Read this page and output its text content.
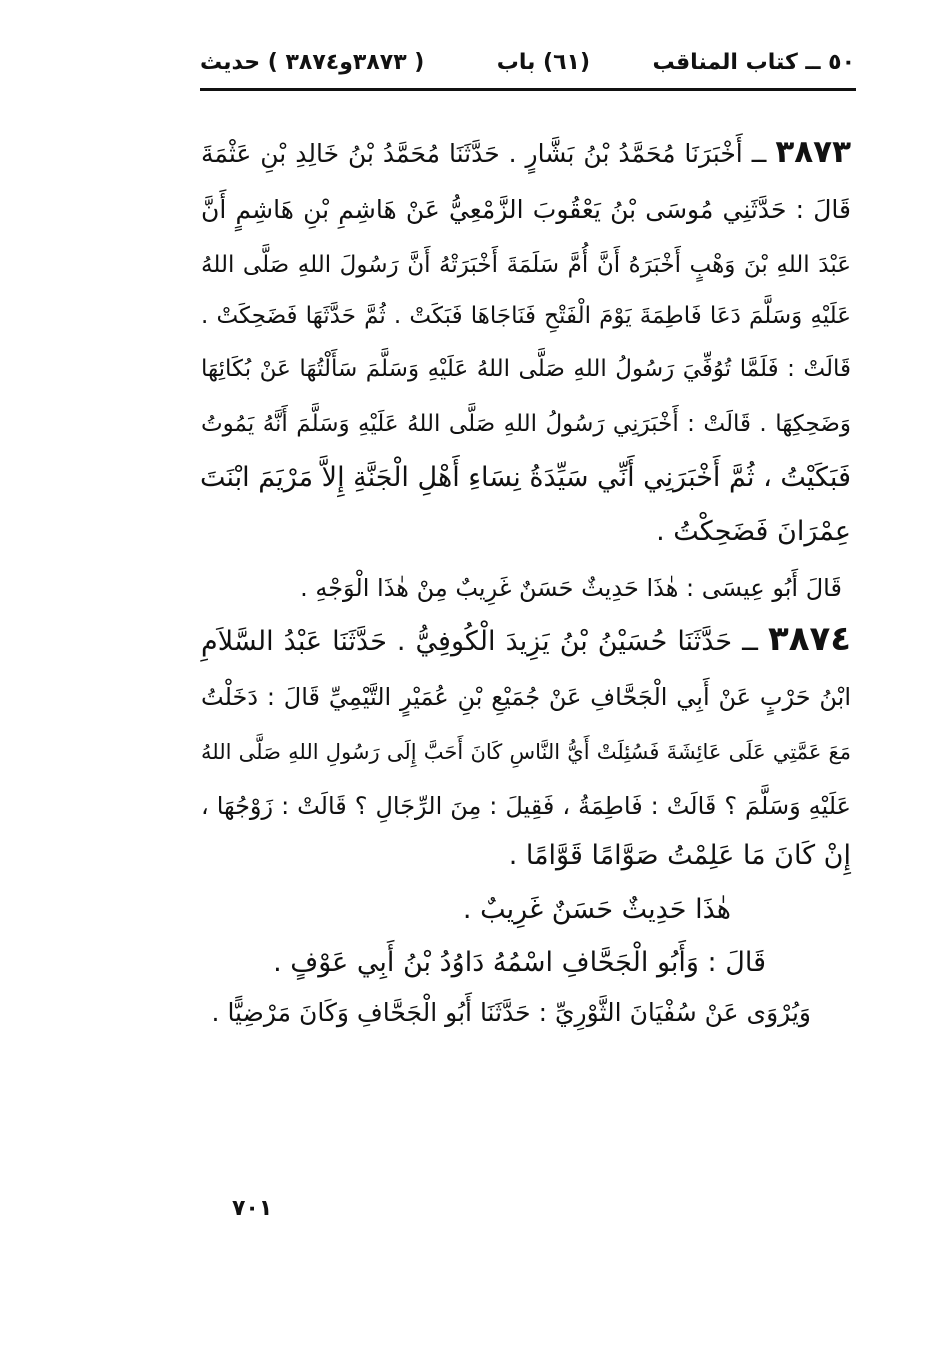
٥٠ ــ كتاب المناقب
(٦١) باب
( ٣٨٧٣و٣٨٧٤ ) حديث
٣٨٧٣ ــ أَخْبَرَنَا مُحَمَّدُ بْنُ بَشَّارٍ . حَدَّثَنَا مُحَمَّدُ بْنُ خَالِدِ بْنِ عَثْمَةَ
قَالَ : حَدَّثَنِي مُوسَى بْنُ يَعْقُوبَ الزَّمْعِيُّ عَنْ هَاشِمِ بْنِ هَاشِمٍ أَنَّ
عَبْدَ اللهِ بْنَ وَهْبٍ أَخْبَرَهُ أَنَّ أُمَّ سَلَمَةَ أَخْبَرَتْهُ أَنَّ رَسُولَ اللهِ صَلَّى اللهُ
عَلَيْهِ وَسَلَّمَ دَعَا فَاطِمَةَ يَوْمَ الْفَتْحِ فَنَاجَاهَا فَبَكَتْ . ثُمَّ حَدَّثَهَا فَضَحِكَتْ .
قَالَتْ : فَلَمَّا تُوُفِّيَ رَسُولُ اللهِ صَلَّى اللهُ عَلَيْهِ وَسَلَّمَ سَأَلْتُهَا عَنْ بُكَائِهَا
وَضَحِكِهَا . قَالَتْ : أَخْبَرَنِي رَسُولُ اللهِ صَلَّى اللهُ عَلَيْهِ وَسَلَّمَ أَنَّهُ يَمُوتُ
فَبَكَيْتُ ، ثُمَّ أَخْبَرَنِي أَنِّي سَيِّدَةُ نِسَاءِ أَهْلِ الْجَنَّةِ إِلاَّ مَرْيَمَ ابْنَتَ
عِمْرَانَ فَضَحِكْتُ .
قَالَ أَبُو عِيسَى : هٰذَا حَدِيثٌ حَسَنٌ غَرِيبٌ مِنْ هٰذَا الْوَجْهِ .
٣٨٧٤ ــ حَدَّثَنَا حُسَيْنُ بْنُ يَزِيدَ الْكُوفِيُّ . حَدَّثَنَا عَبْدُ السَّلاَمِ
ابْنُ حَرْبٍ عَنْ أَبِي الْجَحَّافِ عَنْ جُمَيْعِ بْنِ عُمَيْرٍ التَّيْمِيِّ قَالَ : دَخَلْتُ
مَعَ عَمَّتِي عَلَى عَائِشَةَ فَسُئِلَتْ أَيُّ النَّاسِ كَانَ أَحَبَّ إِلَى رَسُولِ اللهِ صَلَّى اللهُ
عَلَيْهِ وَسَلَّمَ ؟ قَالَتْ : فَاطِمَةُ ، فَقِيلَ : مِنَ الرِّجَالِ ؟ قَالَتْ : زَوْجُهَا ،
إِنْ كَانَ مَا عَلِمْتُ صَوَّامًا قَوَّامًا .
هٰذَا حَدِيثٌ حَسَنٌ غَرِيبٌ .
قَالَ : وَأَبُو الْجَحَّافِ اسْمُهُ دَاوُدُ بْنُ أَبِي عَوْفٍ .
وَيُرْوَى عَنْ سُفْيَانَ الثَّوْرِيِّ : حَدَّثَنَا أَبُو الْجَحَّافِ وَكَانَ مَرْضِيًّا .
٧٠١
